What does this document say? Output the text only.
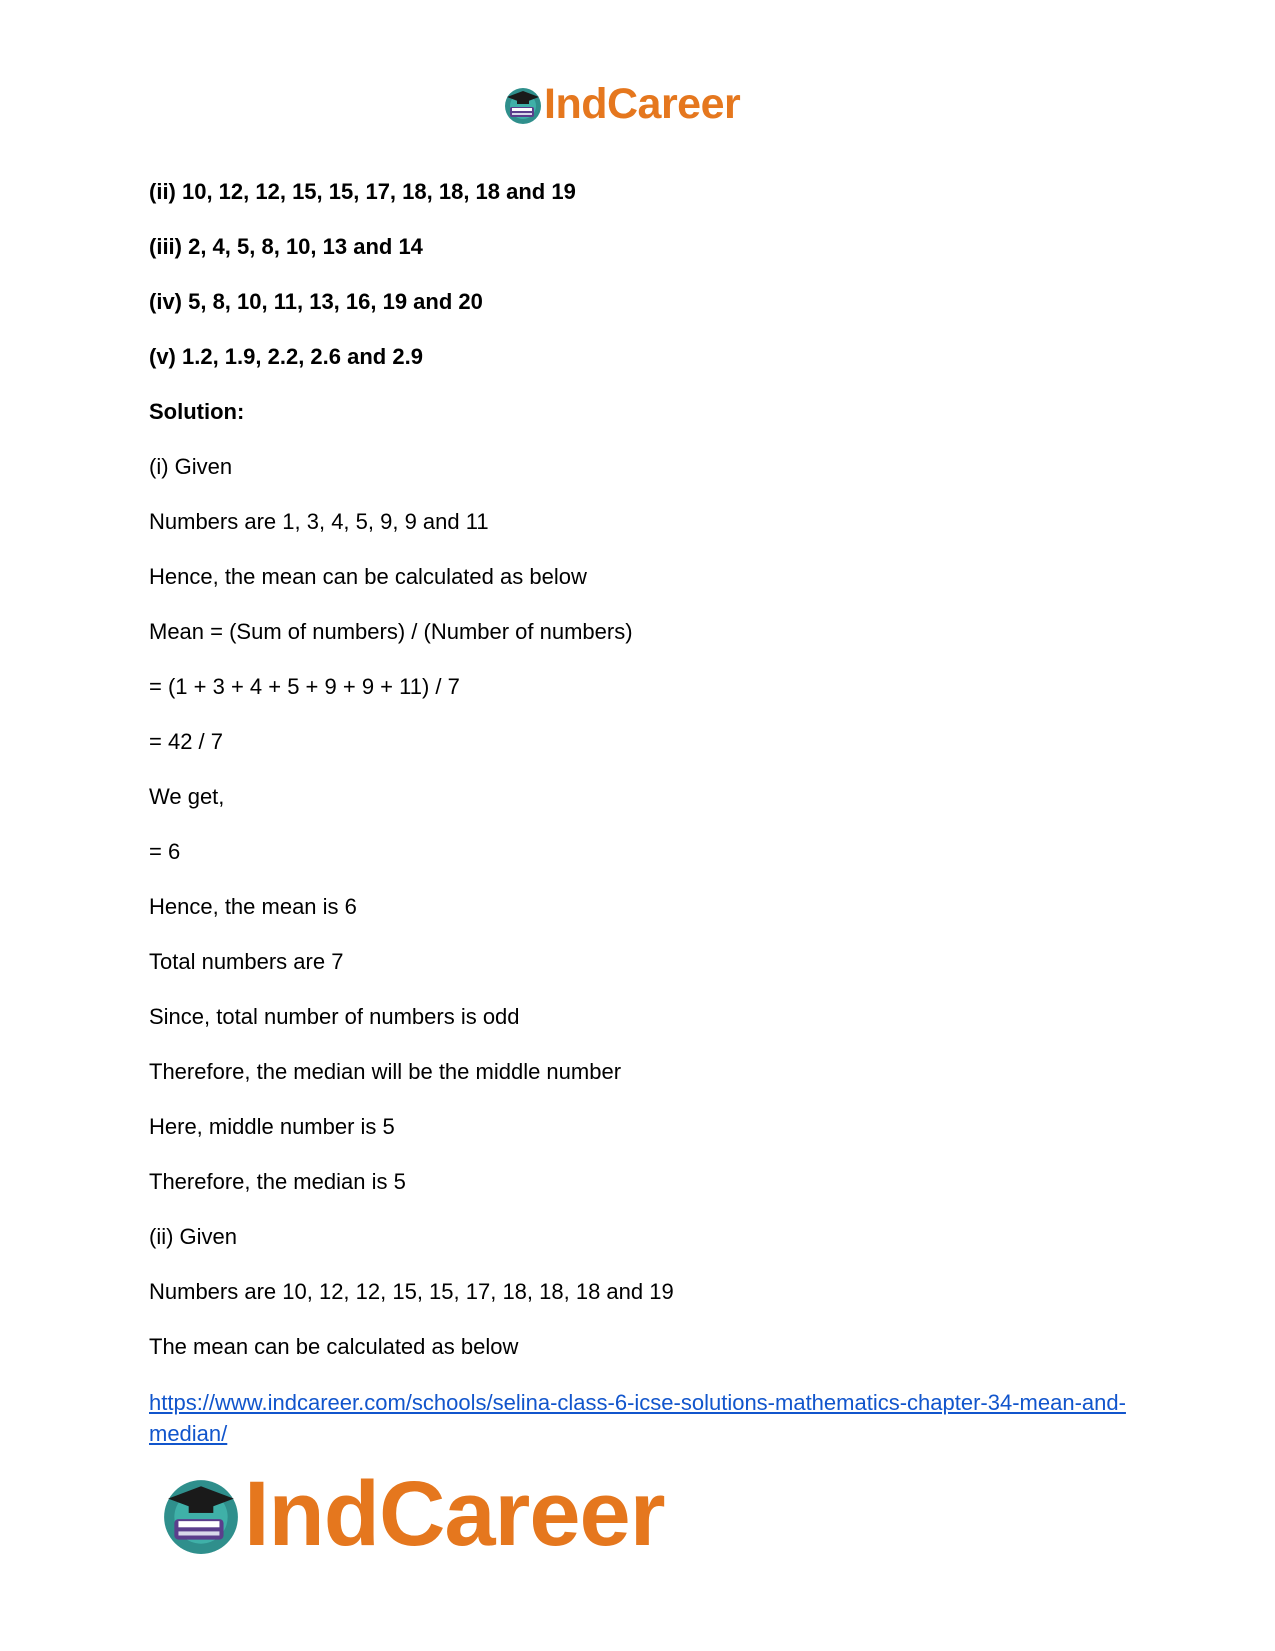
IndCareer
(ii) 10, 12, 12, 15, 15, 17, 18, 18, 18 and 19
(iii) 2, 4, 5, 8, 10, 13 and 14
(iv) 5, 8, 10, 11, 13, 16, 19 and 20
(v) 1.2, 1.9, 2.2, 2.6 and 2.9
Solution:
(i) Given
Numbers are 1, 3, 4, 5, 9, 9 and 11
Hence, the mean can be calculated as below
Mean = (Sum of numbers) / (Number of numbers)
= (1 + 3 + 4 + 5 + 9 + 9 + 11) / 7
= 42 / 7
We get,
= 6
Hence, the mean is 6
Total numbers are 7
Since, total number of numbers is odd
Therefore, the median will be the middle number
Here, middle number is 5
Therefore, the median is 5
(ii) Given
Numbers are 10, 12, 12, 15, 15, 17, 18, 18, 18 and 19
The mean can be calculated as below
https://www.indcareer.com/schools/selina-class-6-icse-solutions-mathematics-chapter-34-mean-and-median/
IndCareer
